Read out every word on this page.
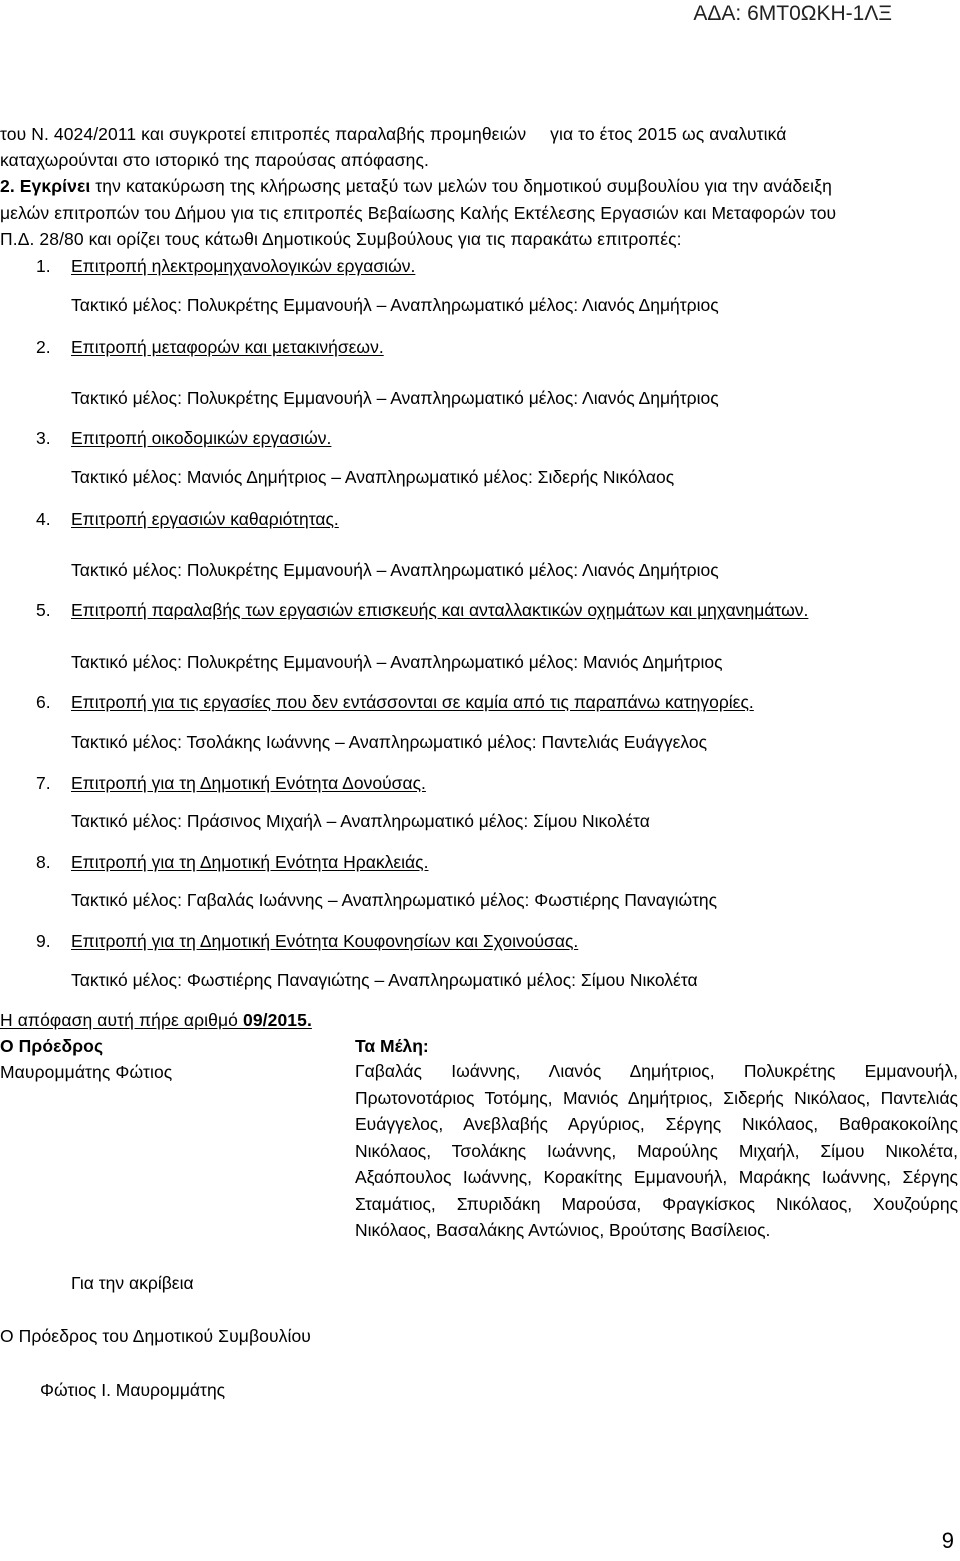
ΑΔΑ: 6ΜΤ0ΩΚΗ-1ΛΞ
του Ν. 4024/2011 και συγκροτεί επιτροπές παραλαβής προμηθειών για το έτος 2015 ως αναλυτικά
καταχωρούνται στο ιστορικό της παρούσας απόφασης.
2. Εγκρίνει την κατακύρωση της κλήρωσης μεταξύ των μελών του δημοτικού συμβουλίου για την ανάδειξη
μελών επιτροπών του Δήμου για τις επιτροπές Βεβαίωσης Καλής Εκτέλεσης Εργασιών και Μεταφορών του
Π.Δ. 28/80 και ορίζει τους κάτωθι Δημοτικούς Συμβούλους για τις παρακάτω επιτροπές:
1. Επιτροπή ηλεκτρομηχανολογικών εργασιών.
Τακτικό μέλος: Πολυκρέτης Εμμανουήλ – Αναπληρωματικό μέλος: Λιανός Δημήτριος
2. Επιτροπή μεταφορών και μετακινήσεων.
Τακτικό μέλος: Πολυκρέτης Εμμανουήλ – Αναπληρωματικό μέλος: Λιανός Δημήτριος
3. Επιτροπή οικοδομικών εργασιών.
Τακτικό μέλος: Μανιός Δημήτριος – Αναπληρωματικό μέλος: Σιδερής Νικόλαος
4. Επιτροπή εργασιών καθαριότητας.
Τακτικό μέλος: Πολυκρέτης Εμμανουήλ – Αναπληρωματικό μέλος: Λιανός Δημήτριος
5. Επιτροπή παραλαβής των εργασιών επισκευής και ανταλλακτικών οχημάτων και μηχανημάτων.
Τακτικό μέλος: Πολυκρέτης Εμμανουήλ – Αναπληρωματικό μέλος: Μανιός Δημήτριος
6. Επιτροπή για τις εργασίες που δεν εντάσσονται σε καμία από τις παραπάνω κατηγορίες.
Τακτικό μέλος: Τσολάκης Ιωάννης – Αναπληρωματικό μέλος: Παντελιάς Ευάγγελος
7. Επιτροπή για τη Δημοτική Ενότητα Δονούσας.
Τακτικό μέλος: Πράσινος Μιχαήλ – Αναπληρωματικό μέλος: Σίμου Νικολέτα
8. Επιτροπή για τη Δημοτική Ενότητα Ηρακλειάς.
Τακτικό μέλος: Γαβαλάς Ιωάννης – Αναπληρωματικό μέλος: Φωστιέρης Παναγιώτης
9. Επιτροπή για τη Δημοτική Ενότητα Κουφονησίων και Σχοινούσας.
Τακτικό μέλος: Φωστιέρης Παναγιώτης – Αναπληρωματικό μέλος: Σίμου Νικολέτα
Η απόφαση αυτή πήρε αριθμό 09/2015.
Ο Πρόεδρος	Τα Μέλη:
Μαυρομμάτης Φώτιος	Γαβαλάς Ιωάννης, Λιανός Δημήτριος, Πολυκρέτης Εμμανουήλ, Πρωτονοτάριος Τοτόμης, Μανιός Δημήτριος, Σιδερής Νικόλαος, Παντελιάς Ευάγγελος, Ανεβλαβής Αργύριος, Σέργης Νικόλαος, Βαθρακοκοίλης Νικόλαος, Τσολάκης Ιωάννης, Μαρούλης Μιχαήλ, Σίμου Νικολέτα, Αξαόπουλος Ιωάννης, Κορακίτης Εμμανουήλ, Μαράκης Ιωάννης, Σέργης Σταμάτιος, Σπυριδάκη Μαρούσα, Φραγκίσκος Νικόλαος, Χουζούρης Νικόλαος, Βασαλάκης Αντώνιος, Βρούτσης Βασίλειος.
Για την ακρίβεια
Ο Πρόεδρος του Δημοτικού Συμβουλίου
Φώτιος Ι. Μαυρομμάτης
9
